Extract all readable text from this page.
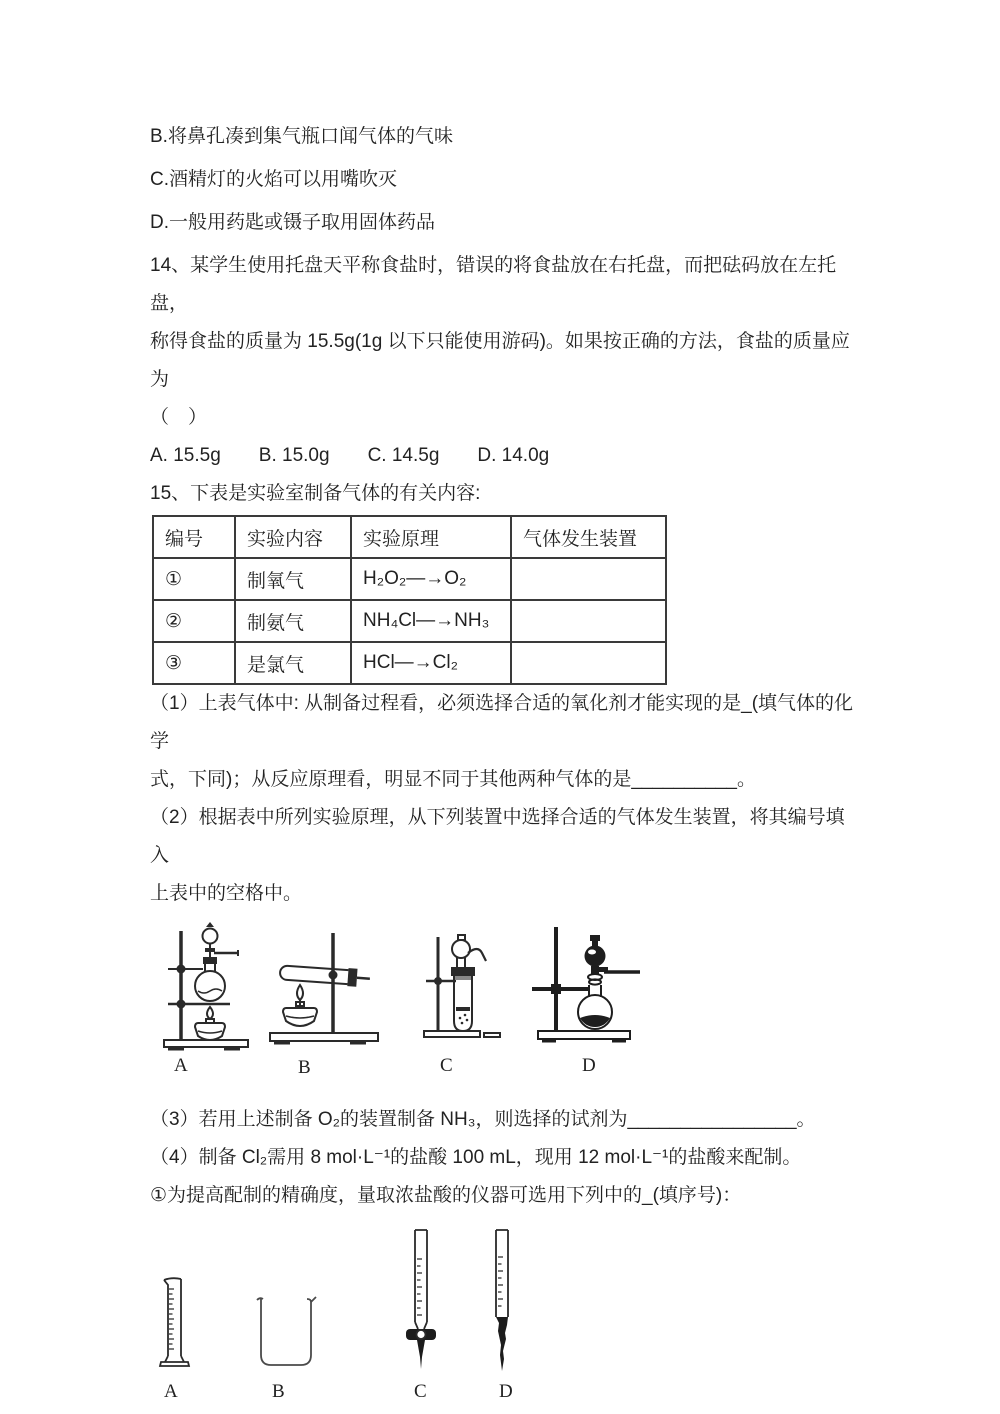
B.将鼻孔凑到集气瓶口闻气体的气味

C.酒精灯的火焰可以用嘴吹灭

D.一般用药匙或镊子取用固体药品

14、某学生使用托盘天平称食盐时，错误的将食盐放在右托盘，而把砝码放在左托盘，

称得食盐的质量为 15.5g(1g 以下只能使用游码)。如果按正确的方法，食盐的质量应为

（　）

A. 15.5g B. 15.0g C. 14.5g D. 14.0g

15、下表是实验室制备气体的有关内容:

编号	实验内容	实验原理	气体发生装置
①	制氧气	H₂O₂—→O₂	
②	制氨气	NH₄Cl—→NH₃	
③	是氯气	HCl—→Cl₂	

（1）上表气体中: 从制备过程看，必须选择合适的氧化剂才能实现的是_(填气体的化学

式，下同)；从反应原理看，明显不同于其他两种气体的是__________。

（2）根据表中所列实验原理，从下列装置中选择合适的气体发生装置，将其编号填入

上表中的空格中。

A	B	C	D

（3）若用上述制备 O₂的装置制备 NH₃，则选择的试剂为________________。

（4）制备 Cl₂需用 8 mol·L⁻¹的盐酸 100 mL，现用 12 mol·L⁻¹的盐酸来配制。

①为提高配制的精确度，量取浓盐酸的仪器可选用下列中的_(填序号)：

A	B	C	D
